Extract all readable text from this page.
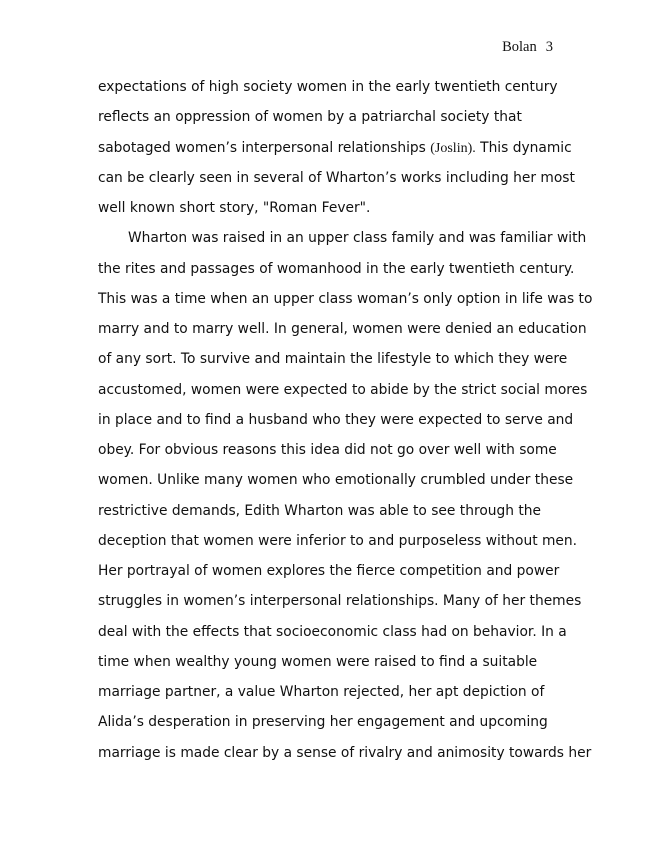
Bolan 3
expectations of high society women in the early twentieth century
reflects an oppression of women by a patriarchal society that
sabotaged women’s interpersonal relationships (Joslin). This dynamic
can be clearly seen in several of Wharton’s works including her most
well known short story, "Roman Fever".
Wharton was raised in an upper class family and was familiar with
the rites and passages of womanhood in the early twentieth century.
This was a time when an upper class woman’s only option in life was to
marry and to marry well. In general, women were denied an education
of any sort. To survive and maintain the lifestyle to which they were
accustomed, women were expected to abide by the strict social mores
in place and to find a husband who they were expected to serve and
obey. For obvious reasons this idea did not go over well with some
women. Unlike many women who emotionally crumbled under these
restrictive demands, Edith Wharton was able to see through the
deception that women were inferior to and purposeless without men.
Her portrayal of women explores the fierce competition and power
struggles in women’s interpersonal relationships. Many of her themes
deal with the effects that socioeconomic class had on behavior. In a
time when wealthy young women were raised to find a suitable
marriage partner, a value Wharton rejected, her apt depiction of
Alida’s desperation in preserving her engagement and upcoming
marriage is made clear by a sense of rivalry and animosity towards her
